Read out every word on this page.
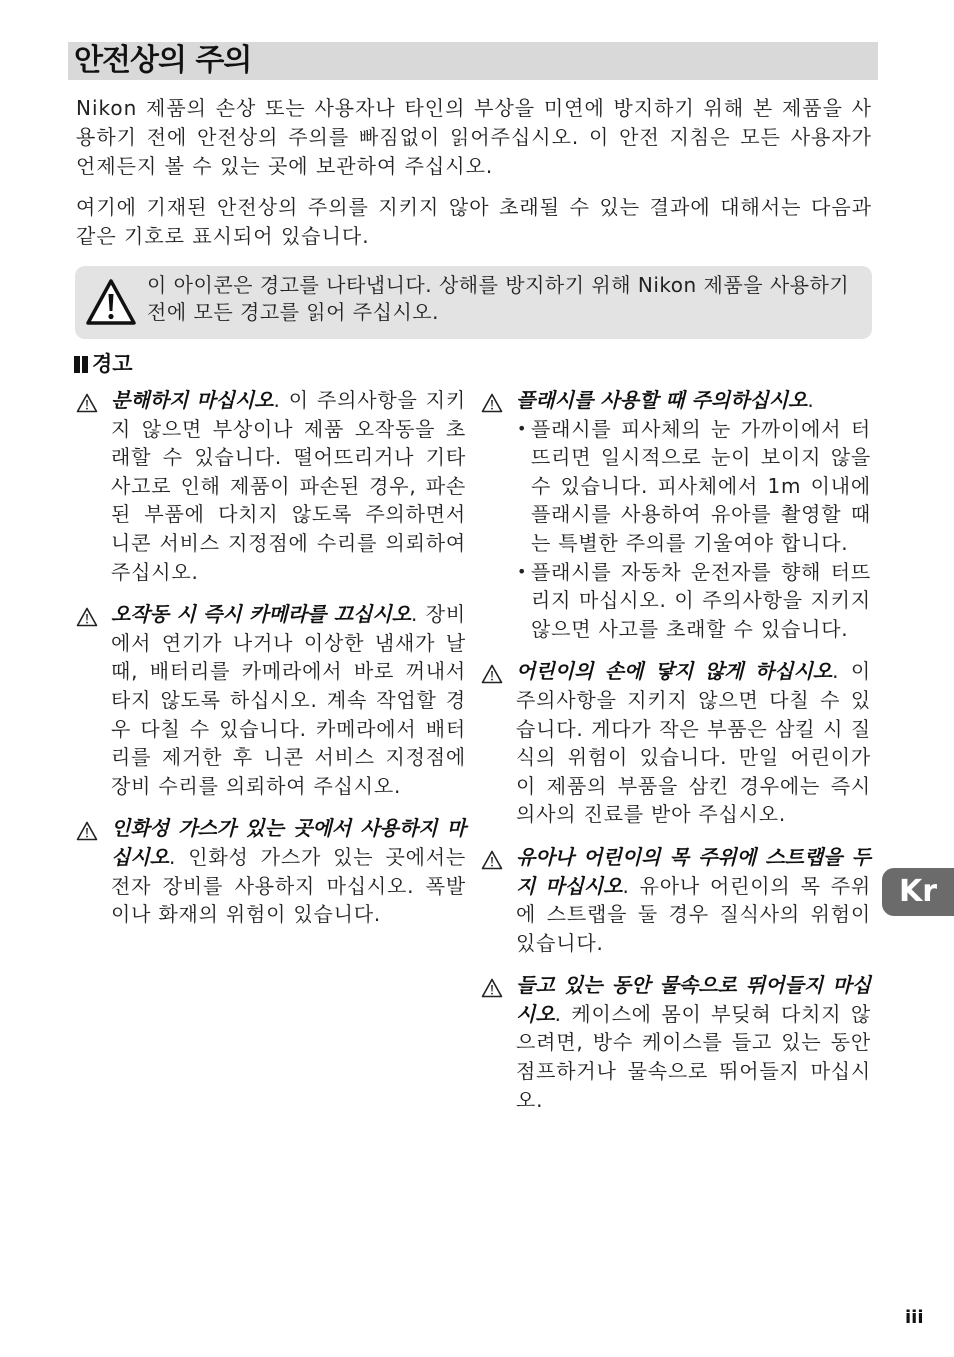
안전상의 주의

Nikon 제품의 손상 또는 사용자나 타인의 부상을 미연에 방지하기 위해 본 제품을 사용하기 전에 안전상의 주의를 빠짐없이 읽어주십시오. 이 안전 지침은 모든 사용자가 언제든지 볼 수 있는 곳에 보관하여 주십시오.

여기에 기재된 안전상의 주의를 지키지 않아 초래될 수 있는 결과에 대해서는 다음과 같은 기호로 표시되어 있습니다.

이 아이콘은 경고를 나타냅니다. 상해를 방지하기 위해 Nikon 제품을 사용하기 전에 모든 경고를 읽어 주십시오.

경고

분해하지 마십시오. 이 주의사항을 지키지 않으면 부상이나 제품 오작동을 초래할 수 있습니다. 떨어뜨리거나 기타 사고로 인해 제품이 파손된 경우, 파손된 부품에 다치지 않도록 주의하면서 니콘 서비스 지정점에 수리를 의뢰하여 주십시오.

오작동 시 즉시 카메라를 끄십시오. 장비에서 연기가 나거나 이상한 냄새가 날 때, 배터리를 카메라에서 바로 꺼내서 타지 않도록 하십시오. 계속 작업할 경우 다칠 수 있습니다. 카메라에서 배터리를 제거한 후 니콘 서비스 지정점에 장비 수리를 의뢰하여 주십시오.

인화성 가스가 있는 곳에서 사용하지 마십시오. 인화성 가스가 있는 곳에서는 전자 장비를 사용하지 마십시오. 폭발이나 화재의 위험이 있습니다.

플래시를 사용할 때 주의하십시오.

• 플래시를 피사체의 눈 가까이에서 터뜨리면 일시적으로 눈이 보이지 않을 수 있습니다. 피사체에서 1m 이내에 플래시를 사용하여 유아를 촬영할 때는 특별한 주의를 기울여야 합니다.
• 플래시를 자동차 운전자를 향해 터뜨리지 마십시오. 이 주의사항을 지키지 않으면 사고를 초래할 수 있습니다.

어린이의 손에 닿지 않게 하십시오. 이 주의사항을 지키지 않으면 다칠 수 있습니다. 게다가 작은 부품은 삼킬 시 질식의 위험이 있습니다. 만일 어린이가 이 제품의 부품을 삼킨 경우에는 즉시 의사의 진료를 받아 주십시오.

유아나 어린이의 목 주위에 스트랩을 두지 마십시오. 유아나 어린이의 목 주위에 스트랩을 둘 경우 질식사의 위험이 있습니다.

들고 있는 동안 물속으로 뛰어들지 마십시오. 케이스에 몸이 부딪혀 다치지 않으려면, 방수 케이스를 들고 있는 동안 점프하거나 물속으로 뛰어들지 마십시오.

Kr
iii
